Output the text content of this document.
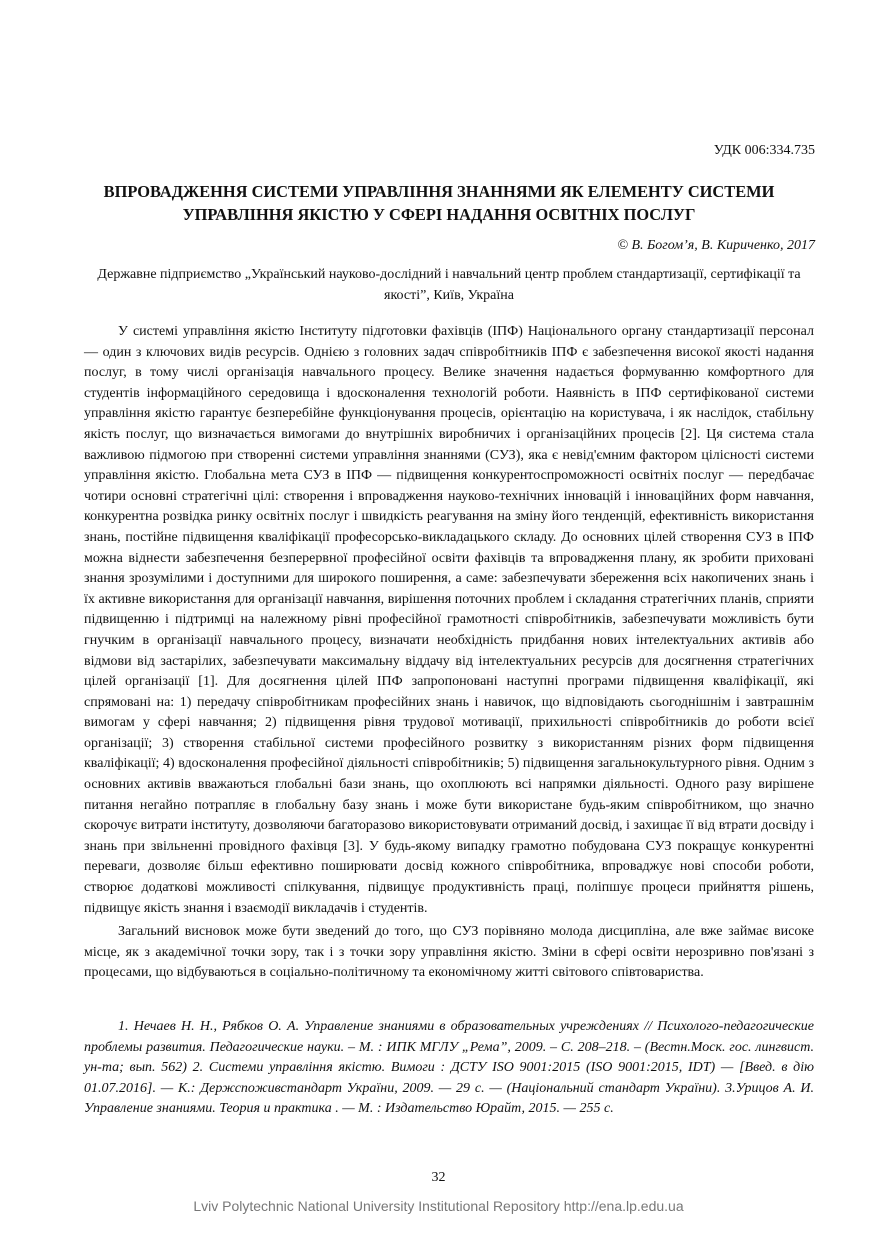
УДК 006:334.735
ВПРОВАДЖЕННЯ СИСТЕМИ УПРАВЛІННЯ ЗНАННЯМИ ЯК ЕЛЕМЕНТУ СИСТЕМИ
УПРАВЛІННЯ ЯКІСТЮ У СФЕРІ НАДАННЯ ОСВІТНІХ ПОСЛУГ
© В. Богом’я, В. Кириченко, 2017
Державне підприємство „Український науково-дослідний і навчальний центр проблем стандартизації, сертифікації та якості”, Київ, Україна

У системі управління якістю Інституту підготовки фахівців (ІПФ) Національного органу стандартизації персонал — один з ключових видів ресурсів. Однією з головних задач співробітників ІПФ є забезпечення високої якості надання послуг, в тому числі організація навчального процесу. Велике значення надається формуванню комфортного для студентів інформаційного середовища і вдосконалення технологій роботи. Наявність в ІПФ сертифікованої системи управління якістю гарантує безперебійне функціонування процесів, орієнтацію на користувача, і як наслідок, стабільну якість послуг, що визначається вимогами до внутрішніх виробничих і організаційних процесів [2]. Ця система стала важливою підмогою при створенні системи управління знаннями (СУЗ), яка є невід'ємним фактором цілісності системи управління якістю. Глобальна мета СУЗ в ІПФ — підвищення конкурентоспроможності освітніх послуг — передбачає чотири основні стратегічні цілі: створення і впровадження науково-технічних інновацій і інноваційних форм навчання, конкурентна розвідка ринку освітніх послуг і швидкість реагування на зміну його тенденцій, ефективність використання знань, постійне підвищення кваліфікації професорсько-викладацького складу. До основних цілей створення СУЗ в ІПФ можна віднести забезпечення безперервної професійної освіти фахівців та впровадження плану, як зробити приховані знання зрозумілими і доступними для широкого поширення, а саме: забезпечувати збереження всіх накопичених знань і їх активне використання для організації навчання, вирішення поточних проблем і складання стратегічних планів, сприяти підвищенню і підтримці на належному рівні професійної грамотності співробітників, забезпечувати можливість бути гнучким в організації навчального процесу, визначати необхідність придбання нових інтелектуальних активів або відмови від застарілих, забезпечувати максимальну віддачу від інтелектуальних ресурсів для досягнення стратегічних цілей організації [1]. Для досягнення цілей ІПФ запропоновані наступні програми підвищення кваліфікації, які спрямовані на: 1) передачу співробітникам професійних знань і навичок, що відповідають сьогоднішнім і завтрашнім вимогам у сфері навчання; 2) підвищення рівня трудової мотивації, прихильності співробітників до роботи всієї організації; 3) створення стабільної системи професійного розвитку з використанням різних форм підвищення кваліфікації; 4) вдосконалення професійної діяльності співробітників; 5) підвищення загальнокультурного рівня. Одним з основних активів вважаються глобальні бази знань, що охоплюють всі напрямки діяльності. Одного разу вирішене питання негайно потрапляє в глобальну базу знань і може бути використане будь-яким співробітником, що значно скорочує витрати інституту, дозволяючи багаторазово використовувати отриманий досвід, і захищає її від втрати досвіду і знань при звільненні провідного фахівця [3]. У будь-якому випадку грамотно побудована СУЗ покращує конкурентні переваги, дозволяє більш ефективно поширювати досвід кожного співробітника, впроваджує нові способи роботи, створює додаткові можливості спілкування, підвищує продуктивність праці, поліпшує процеси прийняття рішень, підвищує якість знання і взаємодії викладачів і студентів.

Загальний висновок може бути зведений до того, що СУЗ порівняно молода дисципліна, але вже займає високе місце, як з академічної точки зору, так і з точки зору управління якістю. Зміни в сфері освіти нерозривно пов'язані з процесами, що відбуваються в соціально-політичному та економічному житті світового співтовариства.

1. Нечаев Н. Н., Рябков О. А. Управление знаниями в образовательных учреждениях // Психолого-педагогические проблемы развития. Педагогические науки. – М. : ИПК МГЛУ „Рема”, 2009. – С. 208–218. – (Вестн.Моск. гос. лингвист. ун-та; вып. 562) 2. Системи управління якістю. Вимоги : ДСТУ ISO 9001:2015 (ISO 9001:2015, IDT) — [Введ. в дію 01.07.2016]. — К.: Держспоживстандарт України, 2009. — 29 с. — (Національний стандарт України). 3.Урицов А. И. Управление знаниями. Теория и практика . — М. : Издательство Юрайт, 2015. — 255 с.

32
Lviv Polytechnic National University Institutional Repository http://ena.lp.edu.ua
